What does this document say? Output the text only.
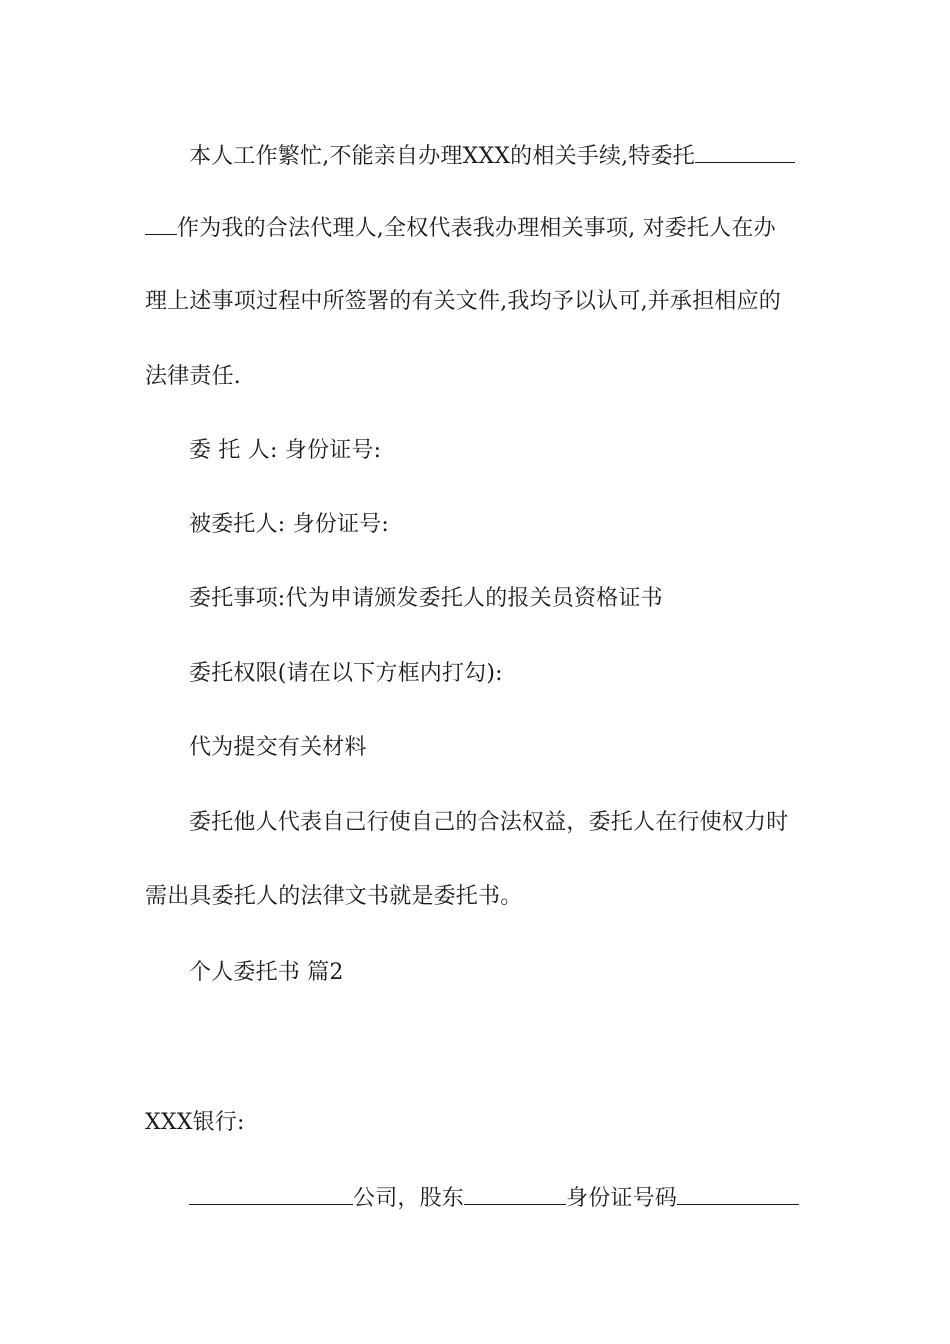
本人工作繁忙,不能亲自办理XXX的相关手续,特委托
作为我的合法代理人,全权代表我办理相关事项, 对委托人在办
理上述事项过程中所签署的有关文件,我均予以认可,并承担相应的
法律责任.
委 托 人: 身份证号:
被委托人: 身份证号:
委托事项:代为申请颁发委托人的报关员资格证书
委托权限(请在以下方框内打勾):
代为提交有关材料
委托他人代表自己行使自己的合法权益，委托人在行使权力时
需出具委托人的法律文书就是委托书。
个人委托书 篇2
XXX银行:
公司，股东	身份证号码
